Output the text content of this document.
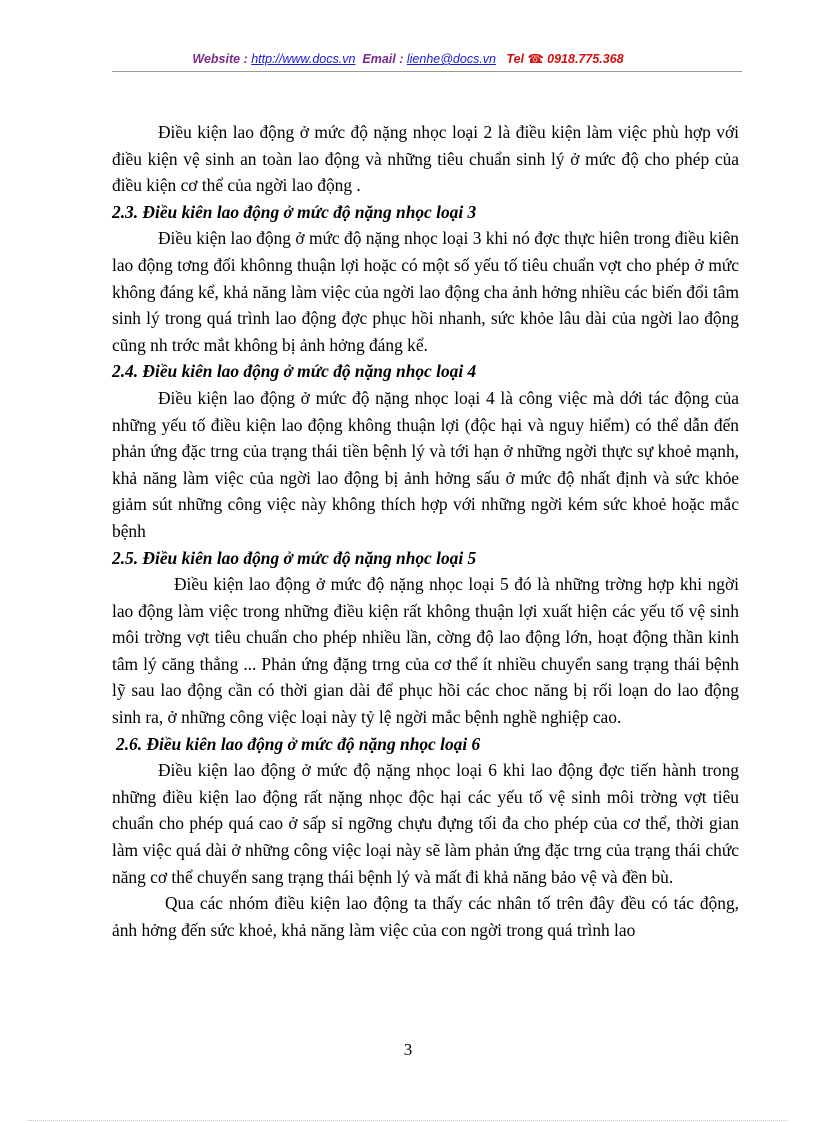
Website : http://www.docs.vn Email : lienhe@docs.vn Tel ☎: 0918.775.368

Điều kiện lao động ở mức độ nặng nhọc loại 2 là điều kiện làm việc phù hợp với điều kiện vệ sinh an toàn lao động và những tiêu chuẩn sinh lý ở mức độ cho phép của điều kiện cơ thể của ngời lao động .

2.3. Điều kiên lao động ở mức độ nặng nhọc loại 3

Điều kiện lao động ở mức độ nặng nhọc loại 3 khi nó đợc thực hiên trong điều kiên lao động tơng đối khônng thuận lợi hoặc có một số yếu tố tiêu chuẩn vợt cho phép ở mức không đáng kể, khả năng làm việc của ngời lao động cha ảnh hởng nhiều các biến đổi tâm sinh lý trong quá trình lao động đợc phục hồi nhanh, sức khỏe lâu dài của ngời lao động cũng nh trớc mắt không bị ảnh hởng đáng kể.

2.4. Điều kiên lao động ở mức độ nặng nhọc loại 4

Điều kiện lao động ở mức độ nặng nhọc loại 4 là công việc mà dới tác động của những yếu tố điều kiện lao động không thuận lợi (độc hại và nguy hiểm) có thể dẫn đến phản ứng đặc trng của trạng thái tiền bệnh lý và tới hạn ở những ngời thực sự khoẻ mạnh, khả năng làm việc của ngời lao động bị ảnh hởng sấu ở mức độ nhất định và sức khỏe giảm sút những công việc này không thích hợp với những ngời kém sức khoẻ hoặc mắc bệnh

2.5. Điều kiên lao động ở mức độ nặng nhọc loại 5

Điều kiện lao động ở mức độ nặng nhọc loại 5 đó là những trờng hợp khi ngời lao động làm việc trong những điều kiện rất không thuận lợi xuất hiện các yếu tố vệ sinh môi trờng vợt tiêu chuẩn cho phép nhiều lần, cờng độ lao động lớn, hoạt động thần kinh tâm lý căng thẳng ... Phản ứng đặng trng của cơ thể ít nhiều chuyển sang trạng thái bệnh lỹ sau lao động cần có thời gian dài để phục hồi các choc năng bị rối loạn do lao động sinh ra, ở những công việc loại này tỷ lệ ngời mắc bệnh nghề nghiệp cao.

2.6. Điều kiên lao động ở mức độ nặng nhọc loại 6

Điều kiện lao động ở mức độ nặng nhọc loại 6 khi lao động đợc tiến hành trong những điều kiện lao động rất nặng nhọc độc hại các yếu tố vệ sinh môi trờng vợt tiêu chuẩn cho phép quá cao ở sấp sỉ ngỡng chựu đựng tối đa cho phép của cơ thể, thời gian làm việc quá dài ở những công việc loại này sẽ làm phản ứng đặc trng của trạng thái chức năng cơ thể chuyển sang trạng thái bệnh lý và mất đi khả năng bảo vệ và đền bù.

Qua các nhóm điều kiện lao động ta thấy các nhân tố trên đây đều có tác động, ảnh hởng đến sức khoẻ, khả năng làm việc của con ngời trong quá trình lao

3
